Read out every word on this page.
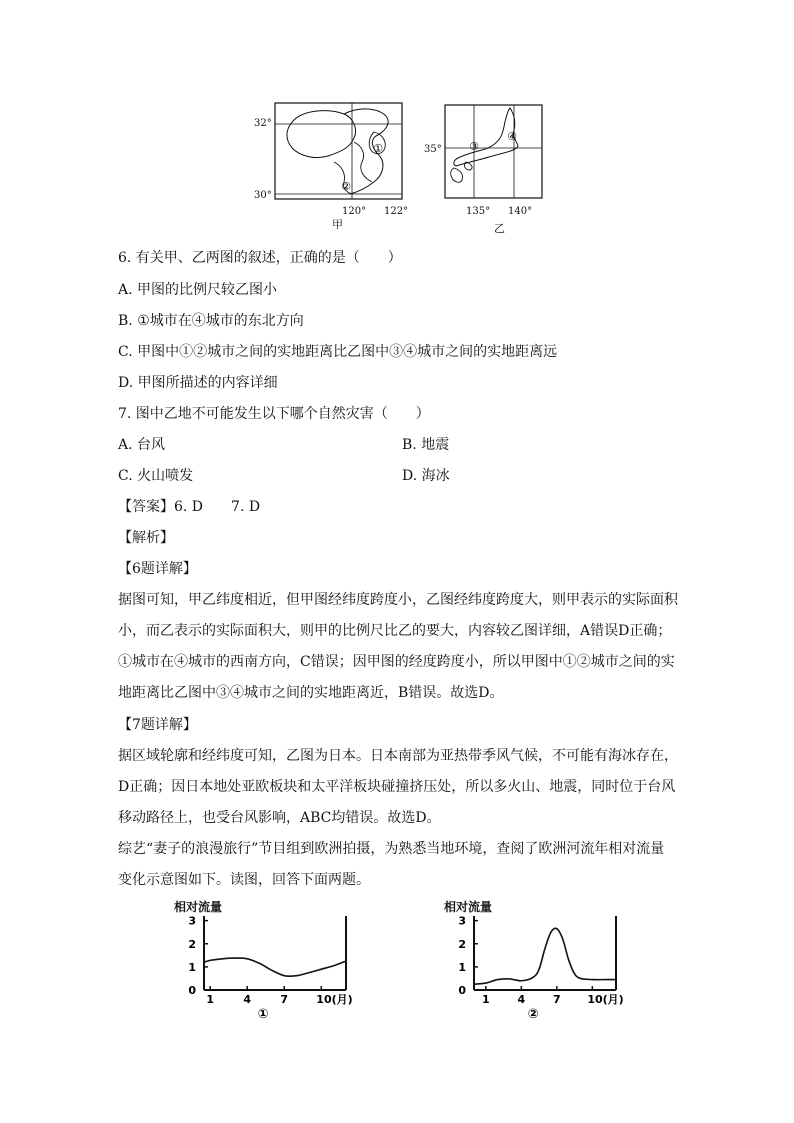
32°
30°
①
②
120° 122°
甲
35° ③
④
135° 140°
乙
6. 有关甲、乙两图的叙述，正确的是（　　）
A. 甲图的比例尺较乙图小
B. ①城市在④城市的东北方向
C. 甲图中①②城市之间的实地距离比乙图中③④城市之间的实地距离远
D. 甲图所描述的内容详细
7. 图中乙地不可能发生以下哪个自然灾害（　　）
A. 台风	B. 地震
C. 火山喷发	D. 海冰
【答案】6. D　　7. D
【解析】
【6题详解】
据图可知，甲乙纬度相近，但甲图经纬度跨度小，乙图经纬度跨度大，则甲表示的实际面积小，而乙表示的实际面积大，则甲的比例尺比乙的要大，内容较乙图详细，A错误D正确；①城市在④城市的西南方向，C错误；因甲图的经度跨度小，所以甲图中①②城市之间的实地距离比乙图中③④城市之间的实地距离近，B错误。故选D。
【7题详解】
据区域轮廓和经纬度可知，乙图为日本。日本南部为亚热带季风气候，不可能有海冰存在，D正确；因日本地处亚欧板块和太平洋板块碰撞挤压处，所以多火山、地震，同时位于台风移动路径上，也受台风影响，ABC均错误。故选D。
综艺“妻子的浪漫旅行”节目组到欧洲拍摄，为熟悉当地环境，查阅了欧洲河流年相对流量变化示意图如下。读图，回答下面两题。
相对流量
0
1
2
3
1	4	7	10(月)
①
相对流量
0
1
2
3
1	4	7 10(月)
②
